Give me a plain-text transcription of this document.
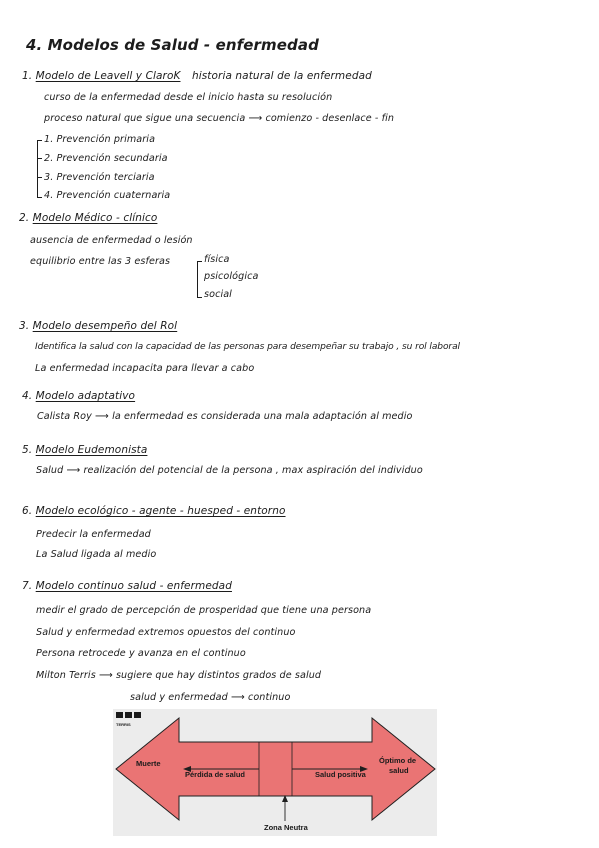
4. Modelos de Salud - enfermedad
1. Modelo de Leavell y ClaroK historia natural de la enfermedad
curso de la enfermedad desde el inicio hasta su resolución
proceso natural que sigue una secuencia ⟶ comienzo - desenlace - fin
1. Prevención primaria
2. Prevención secundaria
3. Prevención terciaria
4. Prevención cuaternaria
2. Modelo Médico - clínico
ausencia de enfermedad o lesión
equilibrio entre las 3 esferas	física
psicológica
social
3. Modelo desempeño del Rol
Identifica la salud con la capacidad de las personas para desempeñar su trabajo , su rol laboral
La enfermedad incapacita para llevar a cabo
4. Modelo adaptativo
Calista Roy ⟶ la enfermedad es considerada una mala adaptación al medio
5. Modelo Eudemonista
Salud ⟶ realización del potencial de la persona , max aspiración del individuo
6. Modelo ecológico - agente - huesped - entorno
Predecir la enfermedad
La Salud ligada al medio
7. Modelo continuo salud - enfermedad
medir el grado de percepción de prosperidad que tiene una persona
Salud y enfermedad extremos opuestos del continuo
Persona retrocede y avanza en el continuo
Milton Terris ⟶ sugiere que hay distintos grados de salud
salud y enfermedad ⟶ continuo
TERRIS
Muerte
Pérdida de salud	Salud positiva
Óptimo de
salud
Zona Neutra
